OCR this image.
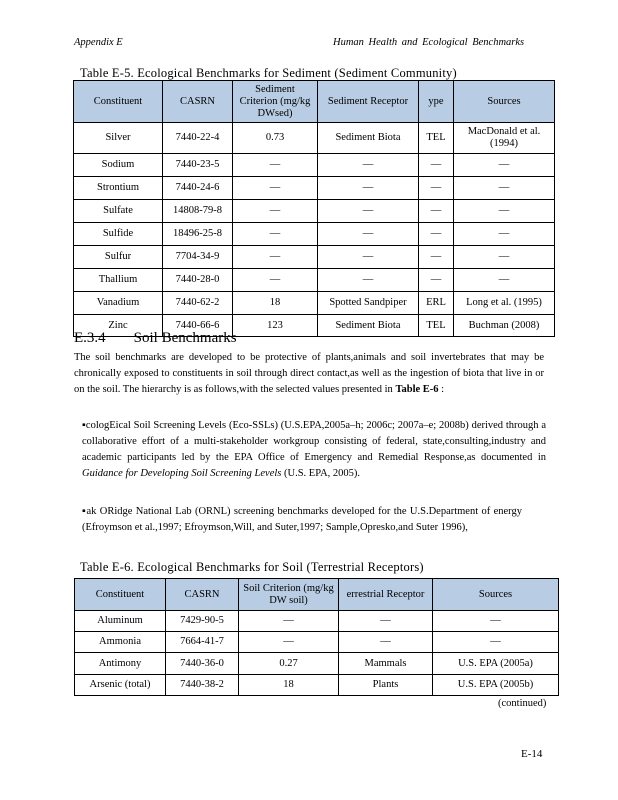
Appendix E	Human Health and Ecological Benchmarks
Table E-5. Ecological Benchmarks for Sediment (Sediment Community)
Constituent	CASRN	Sediment Criterion (mg/kg DWsed)	Sediment Receptor	ype	Sources
Silver	7440-22-4	0.73	Sediment Biota	TEL	MacDonald et al. (1994)
Sodium	7440-23-5	—	—	—	—
Strontium	7440-24-6	—	—	—	—
Sulfate	14808-79-8	—	—	—	—
Sulfide	18496-25-8	—	—	—	—
Sulfur	7704-34-9	—	—	—	—
Thallium	7440-28-0	—	—	—	—
Vanadium	7440-62-2	18	Spotted Sandpiper	ERL	Long et al. (1995)
Zinc	7440-66-6	123	Sediment Biota	TEL	Buchman (2008)
E.3.4 Soil Benchmarks
The soil benchmarks are developed to be protective of plants,animals and soil invertebrates that may be chronically exposed to constituents in soil through direct contact,as well as the ingestion of biota that live in or on the soil. The hierarchy is as follows,with the selected values presented in Table E-6 :
▪cologEical Soil Screening Levels (Eco-SSLs) (U.S.EPA,2005a–h; 2006c; 2007a–e; 2008b) derived through a collaborative effort of a multi-stakeholder workgroup consisting of federal, state,consulting,industry and academic participants led by the EPA Office of Emergency and Remedial Response,as documented in Guidance for Developing Soil Screening Levels (U.S. EPA, 2005).
▪ak ORidge National Lab (ORNL) screening benchmarks developed for the U.S.Department of energy (Efroymson et al.,1997; Efroymson,Will, and Suter,1997; Sample,Opresko,and Suter 1996),
Table E-6. Ecological Benchmarks for Soil (Terrestrial Receptors)
Constituent	CASRN	Soil Criterion (mg/kg DW soil)	errestrial Receptor	Sources
Aluminum	7429-90-5	—	—	—
Ammonia	7664-41-7	—	—	—
Antimony	7440-36-0	0.27	Mammals	U.S. EPA (2005a)
Arsenic (total)	7440-38-2	18	Plants	U.S. EPA (2005b)
(continued)
E-14
